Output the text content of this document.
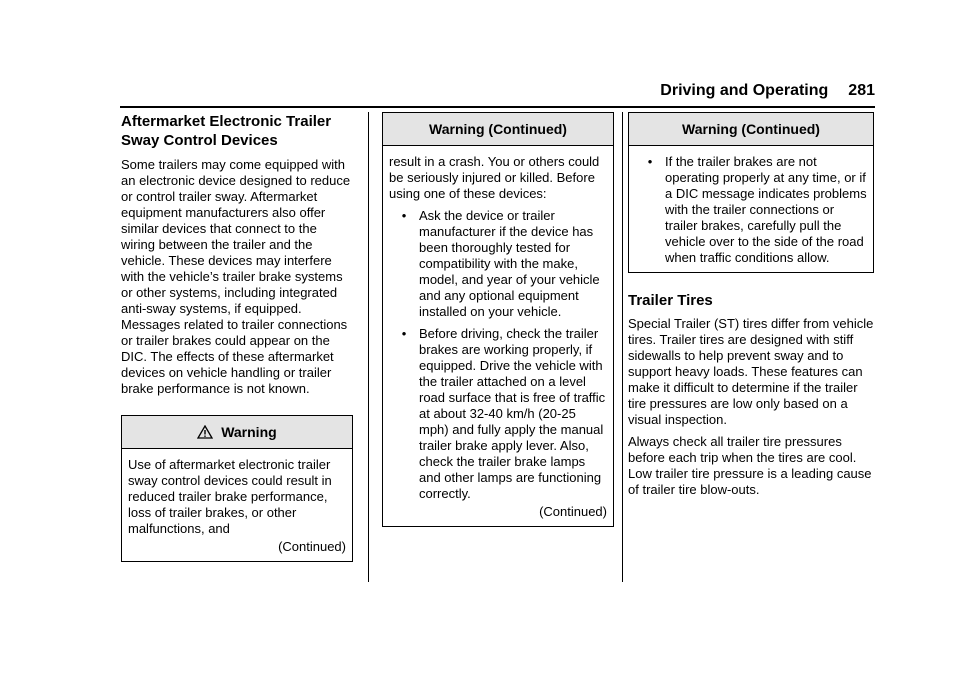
Driving and Operating 281
Aftermarket Electronic Trailer Sway Control Devices

Some trailers may come equipped with an electronic device designed to reduce or control trailer sway. Aftermarket equipment manufacturers also offer similar devices that connect to the wiring between the trailer and the vehicle. These devices may interfere with the vehicle’s trailer brake systems or other systems, including integrated anti-sway systems, if equipped. Messages related to trailer connections or trailer brakes could appear on the DIC. The effects of these aftermarket devices on vehicle handling or trailer brake performance is not known.

Warning

Use of aftermarket electronic trailer sway control devices could result in reduced trailer brake performance, loss of trailer brakes, or other malfunctions, and

(Continued)

Warning (Continued)

result in a crash. You or others could be seriously injured or killed. Before using one of these devices:

• Ask the device or trailer manufacturer if the device has been thoroughly tested for compatibility with the make, model, and year of your vehicle and any optional equipment installed on your vehicle.
• Before driving, check the trailer brakes are working properly, if equipped. Drive the vehicle with the trailer attached on a level road surface that is free of traffic at about 32-40 km/h (20-25 mph) and fully apply the manual trailer brake apply lever. Also, check the trailer brake lamps and other lamps are functioning correctly.

(Continued)

Warning (Continued)
• If the trailer brakes are not operating properly at any time, or if a DIC message indicates problems with the trailer connections or trailer brakes, carefully pull the vehicle over to the side of the road when traffic conditions allow.
Trailer Tires

Special Trailer (ST) tires differ from vehicle tires. Trailer tires are designed with stiff sidewalls to help prevent sway and to support heavy loads. These features can make it difficult to determine if the trailer tire pressures are low only based on a visual inspection.

Always check all trailer tire pressures before each trip when the tires are cool. Low trailer tire pressure is a leading cause of trailer tire blow-outs.
